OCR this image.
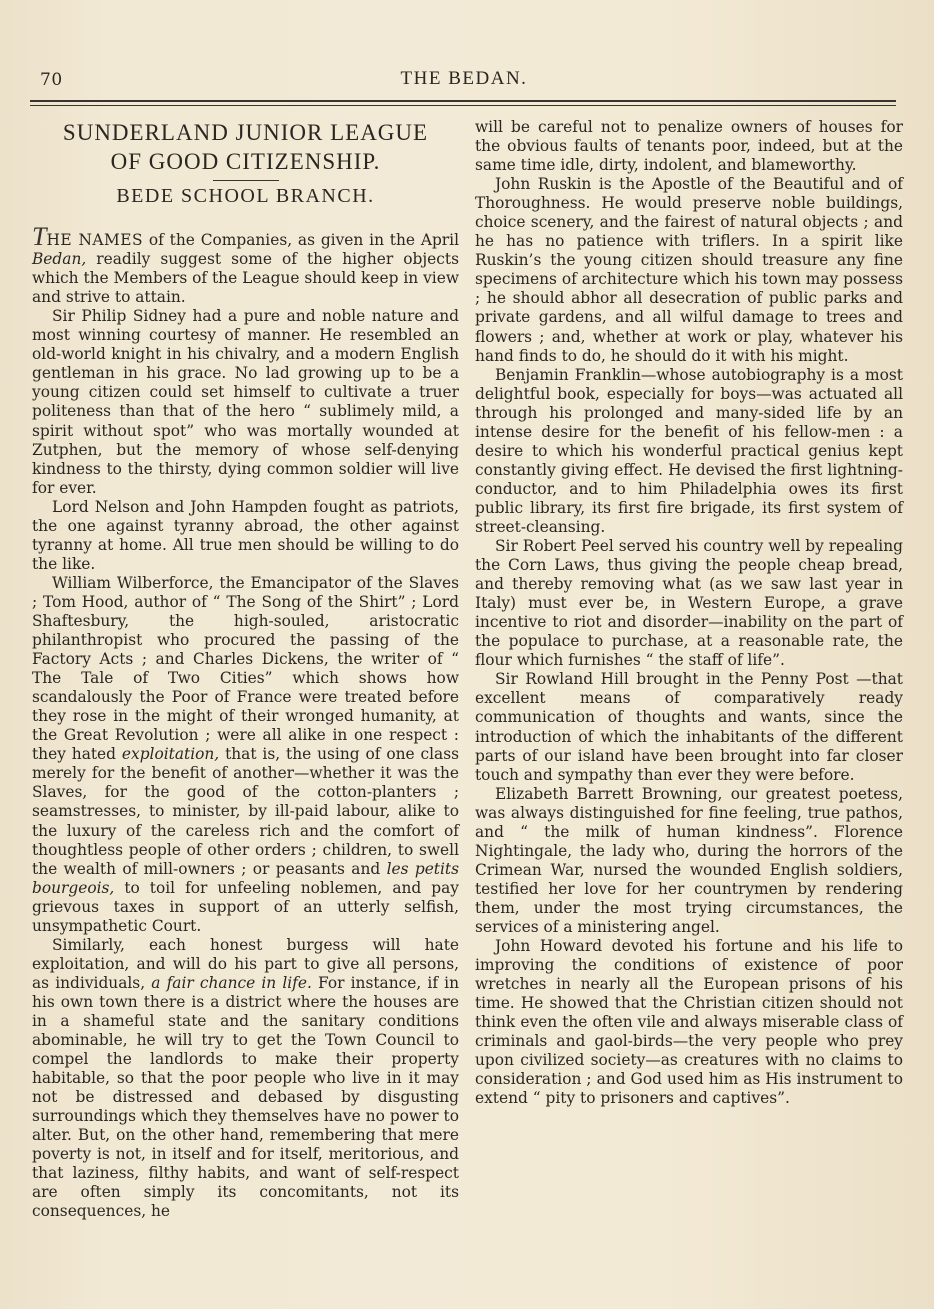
70	THE BEDAN.
SUNDERLAND JUNIOR LEAGUE
OF GOOD CITIZENSHIP.
BEDE SCHOOL BRANCH.

THE NAMES of the Companies, as given in the April Bedan, readily suggest some of the higher objects which the Members of the League should keep in view and strive to attain.

Sir Philip Sidney had a pure and noble nature and most winning courtesy of manner. He resembled an old-world knight in his chivalry, and a modern English gentleman in his grace. No lad growing up to be a young citizen could set himself to cultivate a truer politeness than that of the hero “ sublimely mild, a spirit without spot” who was mortally wounded at Zutphen, but the memory of whose self-denying kindness to the thirsty, dying common soldier will live for ever.

Lord Nelson and John Hampden fought as patriots, the one against tyranny abroad, the other against tyranny at home. All true men should be willing to do the like.

William Wilberforce, the Emancipator of the Slaves ; Tom Hood, author of “ The Song of the Shirt” ; Lord Shaftesbury, the high-souled, aristocratic philanthropist who procured the passing of the Factory Acts ; and Charles Dickens, the writer of “ The Tale of Two Cities” which shows how scandalously the Poor of France were treated before they rose in the might of their wronged humanity, at the Great Revolution ; were all alike in one respect : they hated exploitation, that is, the using of one class merely for the benefit of another—whether it was the Slaves, for the good of the cotton-planters ; seamstresses, to minister, by ill-paid labour, alike to the luxury of the careless rich and the comfort of thoughtless people of other orders ; children, to swell the wealth of mill-owners ; or peasants and les petits bourgeois, to toil for unfeeling noblemen, and pay grievous taxes in support of an utterly selfish, unsympathetic Court.

Similarly, each honest burgess will hate exploitation, and will do his part to give all persons, as individuals, a fair chance in life. For instance, if in his own town there is a district where the houses are in a shameful state and the sanitary conditions abominable, he will try to get the Town Council to compel the landlords to make their property habitable, so that the poor people who live in it may not be distressed and debased by disgusting surroundings which they themselves have no power to alter. But, on the other hand, remembering that mere poverty is not, in itself and for itself, meritorious, and that laziness, filthy habits, and want of self-respect are often simply its concomitants, not its consequences, he

will be careful not to penalize owners of houses for the obvious faults of tenants poor, indeed, but at the same time idle, dirty, indolent, and blameworthy.

John Ruskin is the Apostle of the Beautiful and of Thoroughness. He would preserve noble buildings, choice scenery, and the fairest of natural objects ; and he has no patience with triflers. In a spirit like Ruskin’s the young citizen should treasure any fine specimens of architecture which his town may possess ; he should abhor all desecration of public parks and private gardens, and all wilful damage to trees and flowers ; and, whether at work or play, whatever his hand finds to do, he should do it with his might.

Benjamin Franklin—whose autobiography is a most delightful book, especially for boys—was actuated all through his prolonged and many-sided life by an intense desire for the benefit of his fellow-men : a desire to which his wonderful practical genius kept constantly giving effect. He devised the first lightning-conductor, and to him Philadelphia owes its first public library, its first fire brigade, its first system of street-cleansing.

Sir Robert Peel served his country well by repealing the Corn Laws, thus giving the people cheap bread, and thereby removing what (as we saw last year in Italy) must ever be, in Western Europe, a grave incentive to riot and disorder—inability on the part of the populace to purchase, at a reasonable rate, the flour which furnishes “ the staff of life”.

Sir Rowland Hill brought in the Penny Post —that excellent means of comparatively ready communication of thoughts and wants, since the introduction of which the inhabitants of the different parts of our island have been brought into far closer touch and sympathy than ever they were before.

Elizabeth Barrett Browning, our greatest poetess, was always distinguished for fine feeling, true pathos, and “ the milk of human kindness”. Florence Nightingale, the lady who, during the horrors of the Crimean War, nursed the wounded English soldiers, testified her love for her countrymen by rendering them, under the most trying circumstances, the services of a ministering angel.

John Howard devoted his fortune and his life to improving the conditions of existence of poor wretches in nearly all the European prisons of his time. He showed that the Christian citizen should not think even the often vile and always miserable class of criminals and gaol-birds—the very people who prey upon civilized society—as creatures with no claims to consideration ; and God used him as His instrument to extend “ pity to prisoners and captives”.
